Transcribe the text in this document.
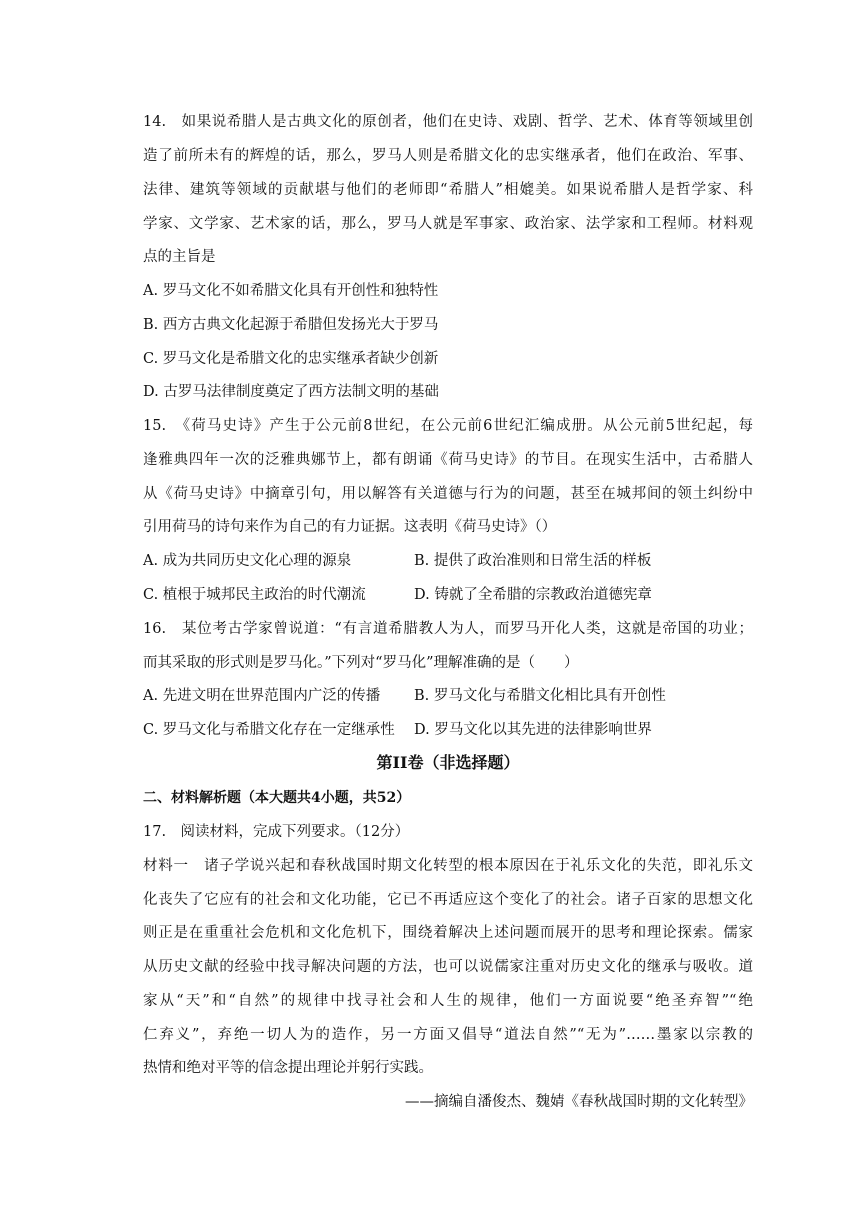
14.　如果说希腊人是古典文化的原创者，他们在史诗、戏剧、哲学、艺术、体育等领域里创
造了前所未有的辉煌的话，那么，罗马人则是希腊文化的忠实继承者，他们在政治、军事、
法律、建筑等领域的贡献堪与他们的老师即“希腊人”相媲美。如果说希腊人是哲学家、科
学家、文学家、艺术家的话，那么，罗马人就是军事家、政治家、法学家和工程师。材料观
点的主旨是
A. 罗马文化不如希腊文化具有开创性和独特性
B. 西方古典文化起源于希腊但发扬光大于罗马
C. 罗马文化是希腊文化的忠实继承者缺少创新
D. 古罗马法律制度奠定了西方法制文明的基础
15.　《荷马史诗》产生于公元前8世纪，在公元前6世纪汇编成册。从公元前5世纪起，每
逢雅典四年一次的泛雅典娜节上，都有朗诵《荷马史诗》的节目。在现实生活中，古希腊人
从《荷马史诗》中摘章引句，用以解答有关道德与行为的问题，甚至在城邦间的领土纠纷中
引用荷马的诗句来作为自己的有力证据。这表明《荷马史诗》（）
A. 成为共同历史文化心理的源泉	B. 提供了政治准则和日常生活的样板
C. 植根于城邦民主政治的时代潮流	D. 铸就了全希腊的宗教政治道德宪章
16.　某位考古学家曾说道：“有言道希腊教人为人，而罗马开化人类，这就是帝国的功业；
而其采取的形式则是罗马化。”下列对“罗马化”理解准确的是（　　）
A. 先进文明在世界范围内广泛的传播 B. 罗马文化与希腊文化相比具有开创性
C. 罗马文化与希腊文化存在一定继承性 D. 罗马文化以其先进的法律影响世界
第II卷（非选择题）
二、材料解析题（本大题共4小题，共52）
17.　阅读材料，完成下列要求。（12分）
材料一　诸子学说兴起和春秋战国时期文化转型的根本原因在于礼乐文化的失范，即礼乐文
化丧失了它应有的社会和文化功能，它已不再适应这个变化了的社会。诸子百家的思想文化
则正是在重重社会危机和文化危机下，围绕着解决上述问题而展开的思考和理论探索。儒家
从历史文献的经验中找寻解决问题的方法，也可以说儒家注重对历史文化的继承与吸收。道
家从“天”和“自然”的规律中找寻社会和人生的规律，他们一方面说要“绝圣弃智”“绝
仁弃义”，弃绝一切人为的造作，另一方面又倡导“道法自然”“无为”……墨家以宗教的
热情和绝对平等的信念提出理论并躬行实践。
——摘编自潘俊杰、魏婧《春秋战国时期的文化转型》
